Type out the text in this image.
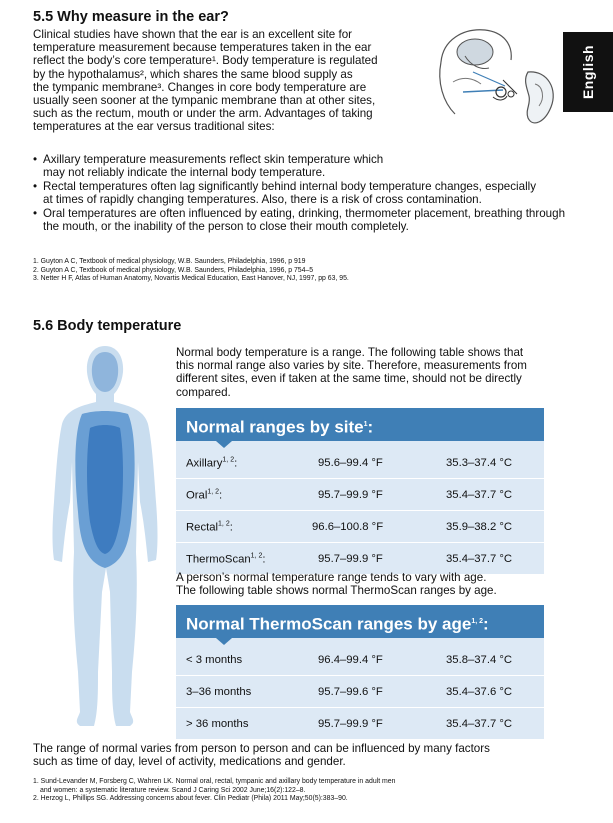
English
5.5 Why measure in the ear?
Clinical studies have shown that the ear is an excellent site for
temperature measurement because temperatures taken in the ear
reflect the body’s core temperature¹. Body temperature is regulated
by the hypothalamus², which shares the same blood supply as
the tympanic membrane³. Changes in core body temperature are
usually seen sooner at the tympanic membrane than at other sites,
such as the rectum, mouth or under the arm. Advantages of taking
temperatures at the ear versus traditional sites:
• Axillary temperature measurements reflect skin temperature which may not reliably indicate the internal body temperature.
• Rectal temperatures often lag significantly behind internal body temperature changes, especially at times of rapidly changing temperatures. Also, there is a risk of cross contamination.
• Oral temperatures are often influenced by eating, drinking, thermometer placement, breathing through the mouth, or the inability of the person to close their mouth completely.
1. Guyton A C, Textbook of medical physiology, W.B. Saunders, Philadelphia, 1996, p 919
2. Guyton A C, Textbook of medical physiology, W.B. Saunders, Philadelphia, 1996, p 754–5
3. Netter H F, Atlas of Human Anatomy, Novartis Medical Education, East Hanover, NJ, 1997, pp 63, 95.
5.6 Body temperature
Normal body temperature is a range. The following table shows that
this normal range also varies by site. Therefore, measurements from
different sites, even if taken at the same time, should not be directly
compared.
Normal ranges by site$^1$:
Axillary$^{1, 2}$:	95.6–99.4 °F	35.3–37.4 °C
Oral$^{1, 2}$:	95.7–99.9 °F	35.4–37.7 °C
Rectal$^{1, 2}$:	96.6–100.8 °F	35.9–38.2 °C
ThermoScan$^{1, 2}$:	95.7–99.9 °F	35.4–37.7 °C
A person’s normal temperature range tends to vary with age.
The following table shows normal ThermoScan ranges by age.
Normal ThermoScan ranges by age$^{1, 2}$:
< 3 months	96.4–99.4 °F	35.8–37.4 °C
3–36 months	95.7–99.6 °F	35.4–37.6 °C
> 36 months	95.7–99.9 °F	35.4–37.7 °C
The range of normal varies from person to person and can be influenced by many factors
such as time of day, level of activity, medications and gender.
1. Sund-Levander M, Forsberg C, Wahren LK. Normal oral, rectal, tympanic and axillary body temperature in adult men
and women: a systematic literature review. Scand J Caring Sci 2002 June;16(2):122–8.
2. Herzog L, Phillips SG. Addressing concerns about fever. Clin Pediatr (Phila) 2011 May;50(5):383–90.
